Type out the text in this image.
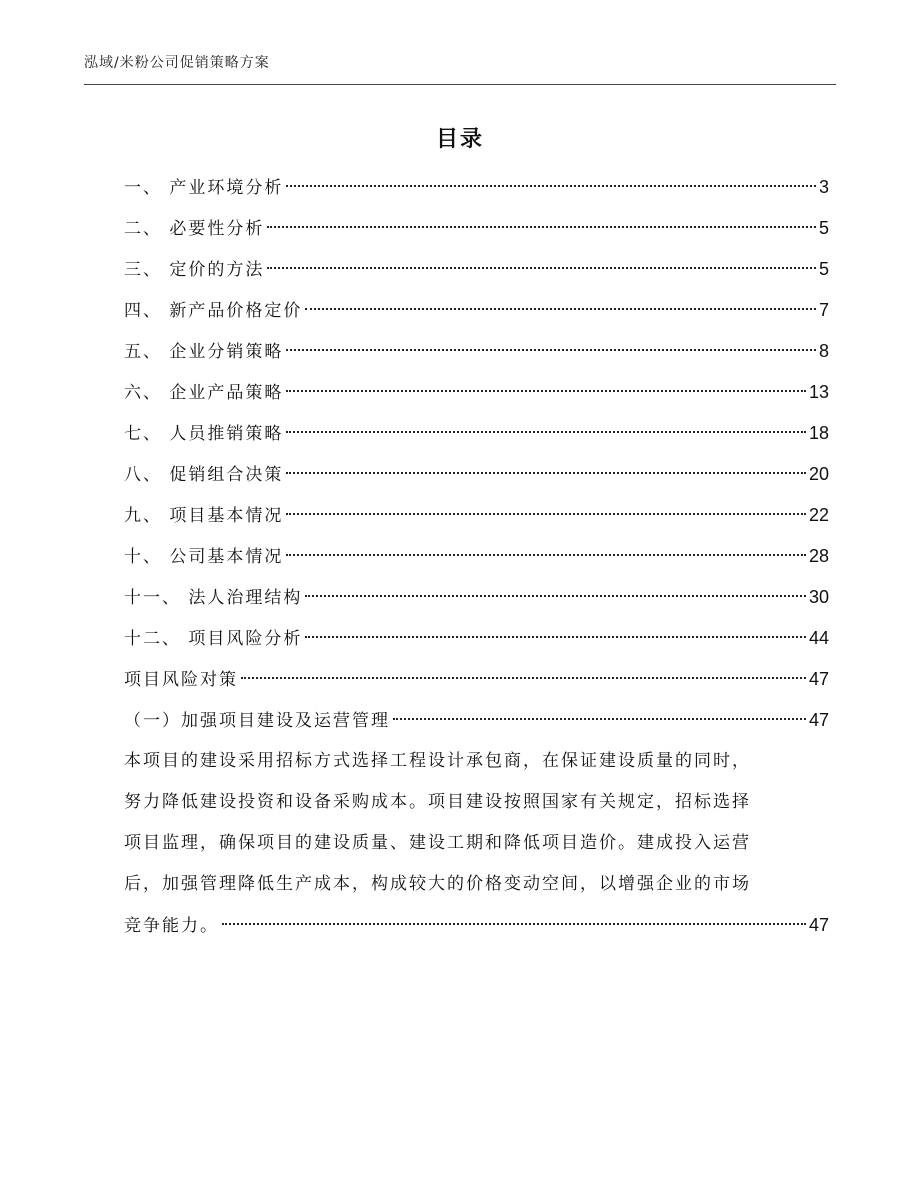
泓域/米粉公司促销策略方案
目录
一、 产业环境分析	3
二、 必要性分析	5
三、 定价的方法	5
四、 新产品价格定价	7
五、 企业分销策略	8
六、 企业产品策略	13
七、 人员推销策略	18
八、 促销组合决策	20
九、 项目基本情况	22
十、 公司基本情况	28
十一、 法人治理结构	30
十二、 项目风险分析	44
项目风险对策	47
（一）加强项目建设及运营管理	47
本项目的建设采用招标方式选择工程设计承包商，在保证建设质量的同时，
努力降低建设投资和设备采购成本。项目建设按照国家有关规定，招标选择
项目监理，确保项目的建设质量、建设工期和降低项目造价。建成投入运营
后，加强管理降低生产成本，构成较大的价格变动空间，以增强企业的市场
竞争能力。	47
